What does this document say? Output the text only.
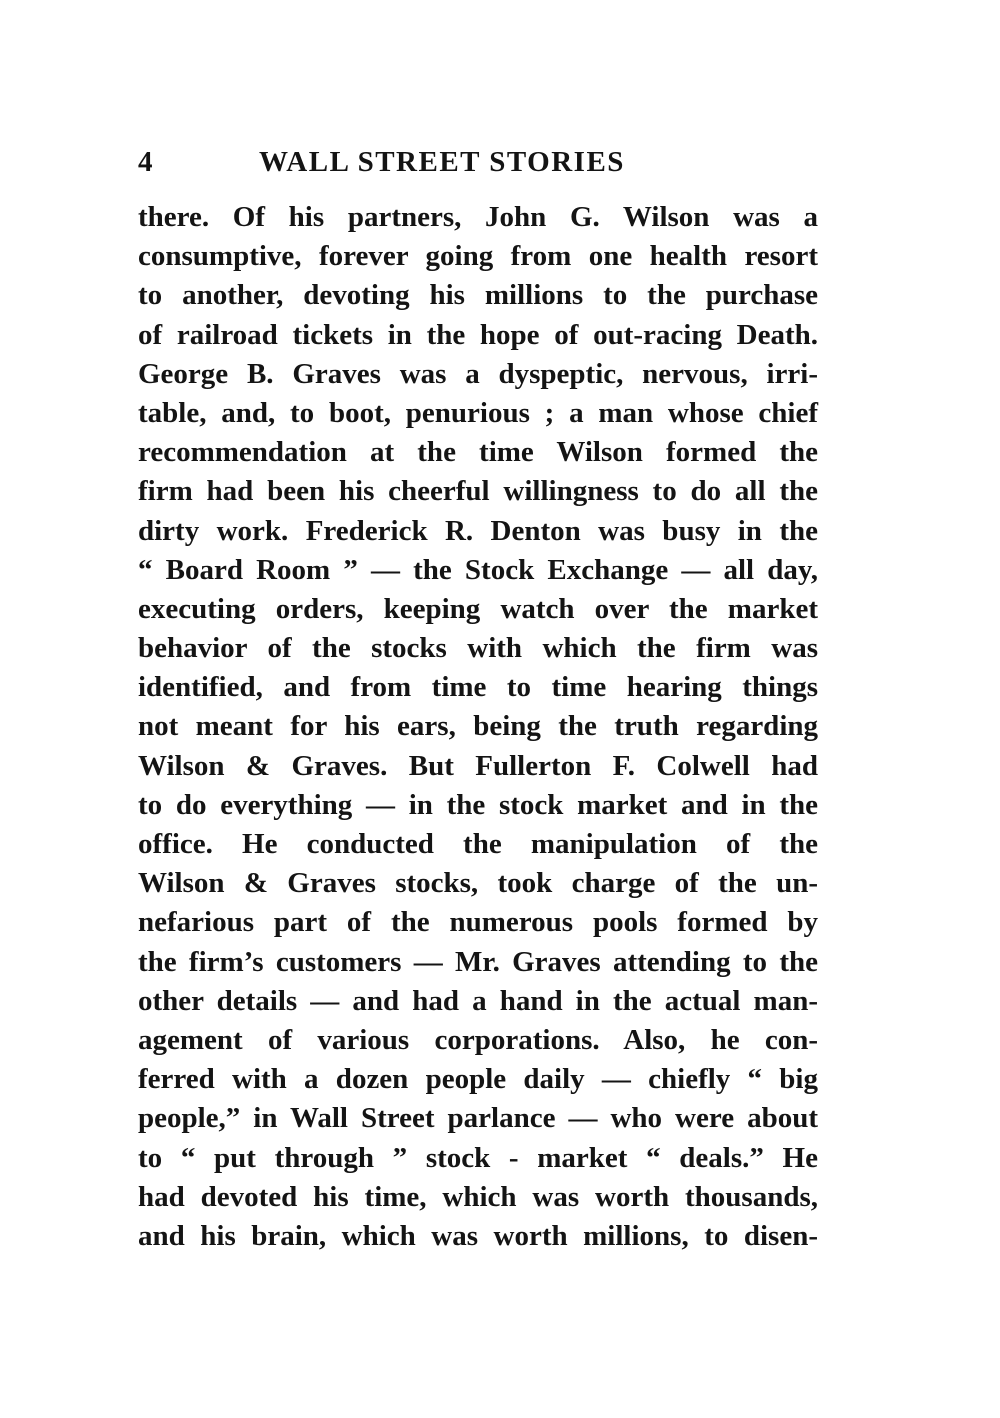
4	WALL STREET STORIES
there. Of his partners, John G. Wilson was a
consumptive, forever going from one health resort
to another, devoting his millions to the purchase
of railroad tickets in the hope of out-racing Death.
George B. Graves was a dyspeptic, nervous, irri-
table, and, to boot, penurious ; a man whose chief
recommendation at the time Wilson formed the
firm had been his cheerful willingness to do all the
dirty work. Frederick R. Denton was busy in the
“ Board Room ” — the Stock Exchange — all day,
executing orders, keeping watch over the market
behavior of the stocks with which the firm was
identified, and from time to time hearing things
not meant for his ears, being the truth regarding
Wilson & Graves. But Fullerton F. Colwell had
to do everything — in the stock market and in the
office. He conducted the manipulation of the
Wilson & Graves stocks, took charge of the un-
nefarious part of the numerous pools formed by
the firm’s customers — Mr. Graves attending to the
other details — and had a hand in the actual man-
agement of various corporations. Also, he con-
ferred with a dozen people daily — chiefly “ big
people,” in Wall Street parlance — who were about
to “ put through ” stock - market “ deals.” He
had devoted his time, which was worth thousands,
and his brain, which was worth millions, to disen-
